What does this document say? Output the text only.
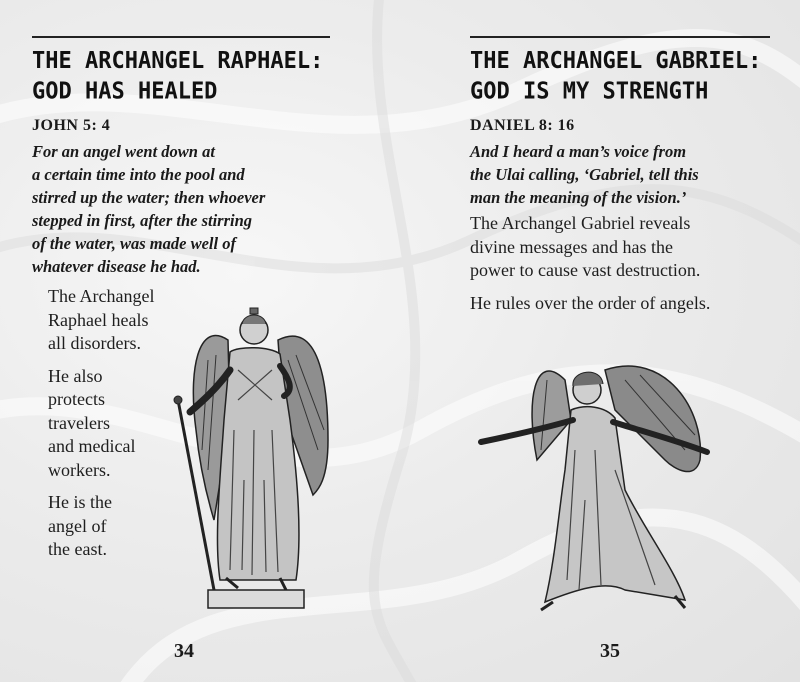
THE ARCHANGEL RAPHAEL:
GOD HAS HEALED
JOHN 5: 4
For an angel went down at
a certain time into the pool and
stirred up the water; then whoever
stepped in first, after the stirring
of the water, was made well of
whatever disease he had.

The Archangel
Raphael heals
all disorders.

He also
protects
travelers
and medical
workers.

He is the
angel of
the east.

34
THE ARCHANGEL GABRIEL:
GOD IS MY STRENGTH
DANIEL 8: 16
And I heard a man’s voice from
the Ulai calling, ‘Gabriel, tell this
man the meaning of the vision.’

The Archangel Gabriel reveals
divine messages and has the
power to cause vast destruction.

He rules over the order of angels.

35
